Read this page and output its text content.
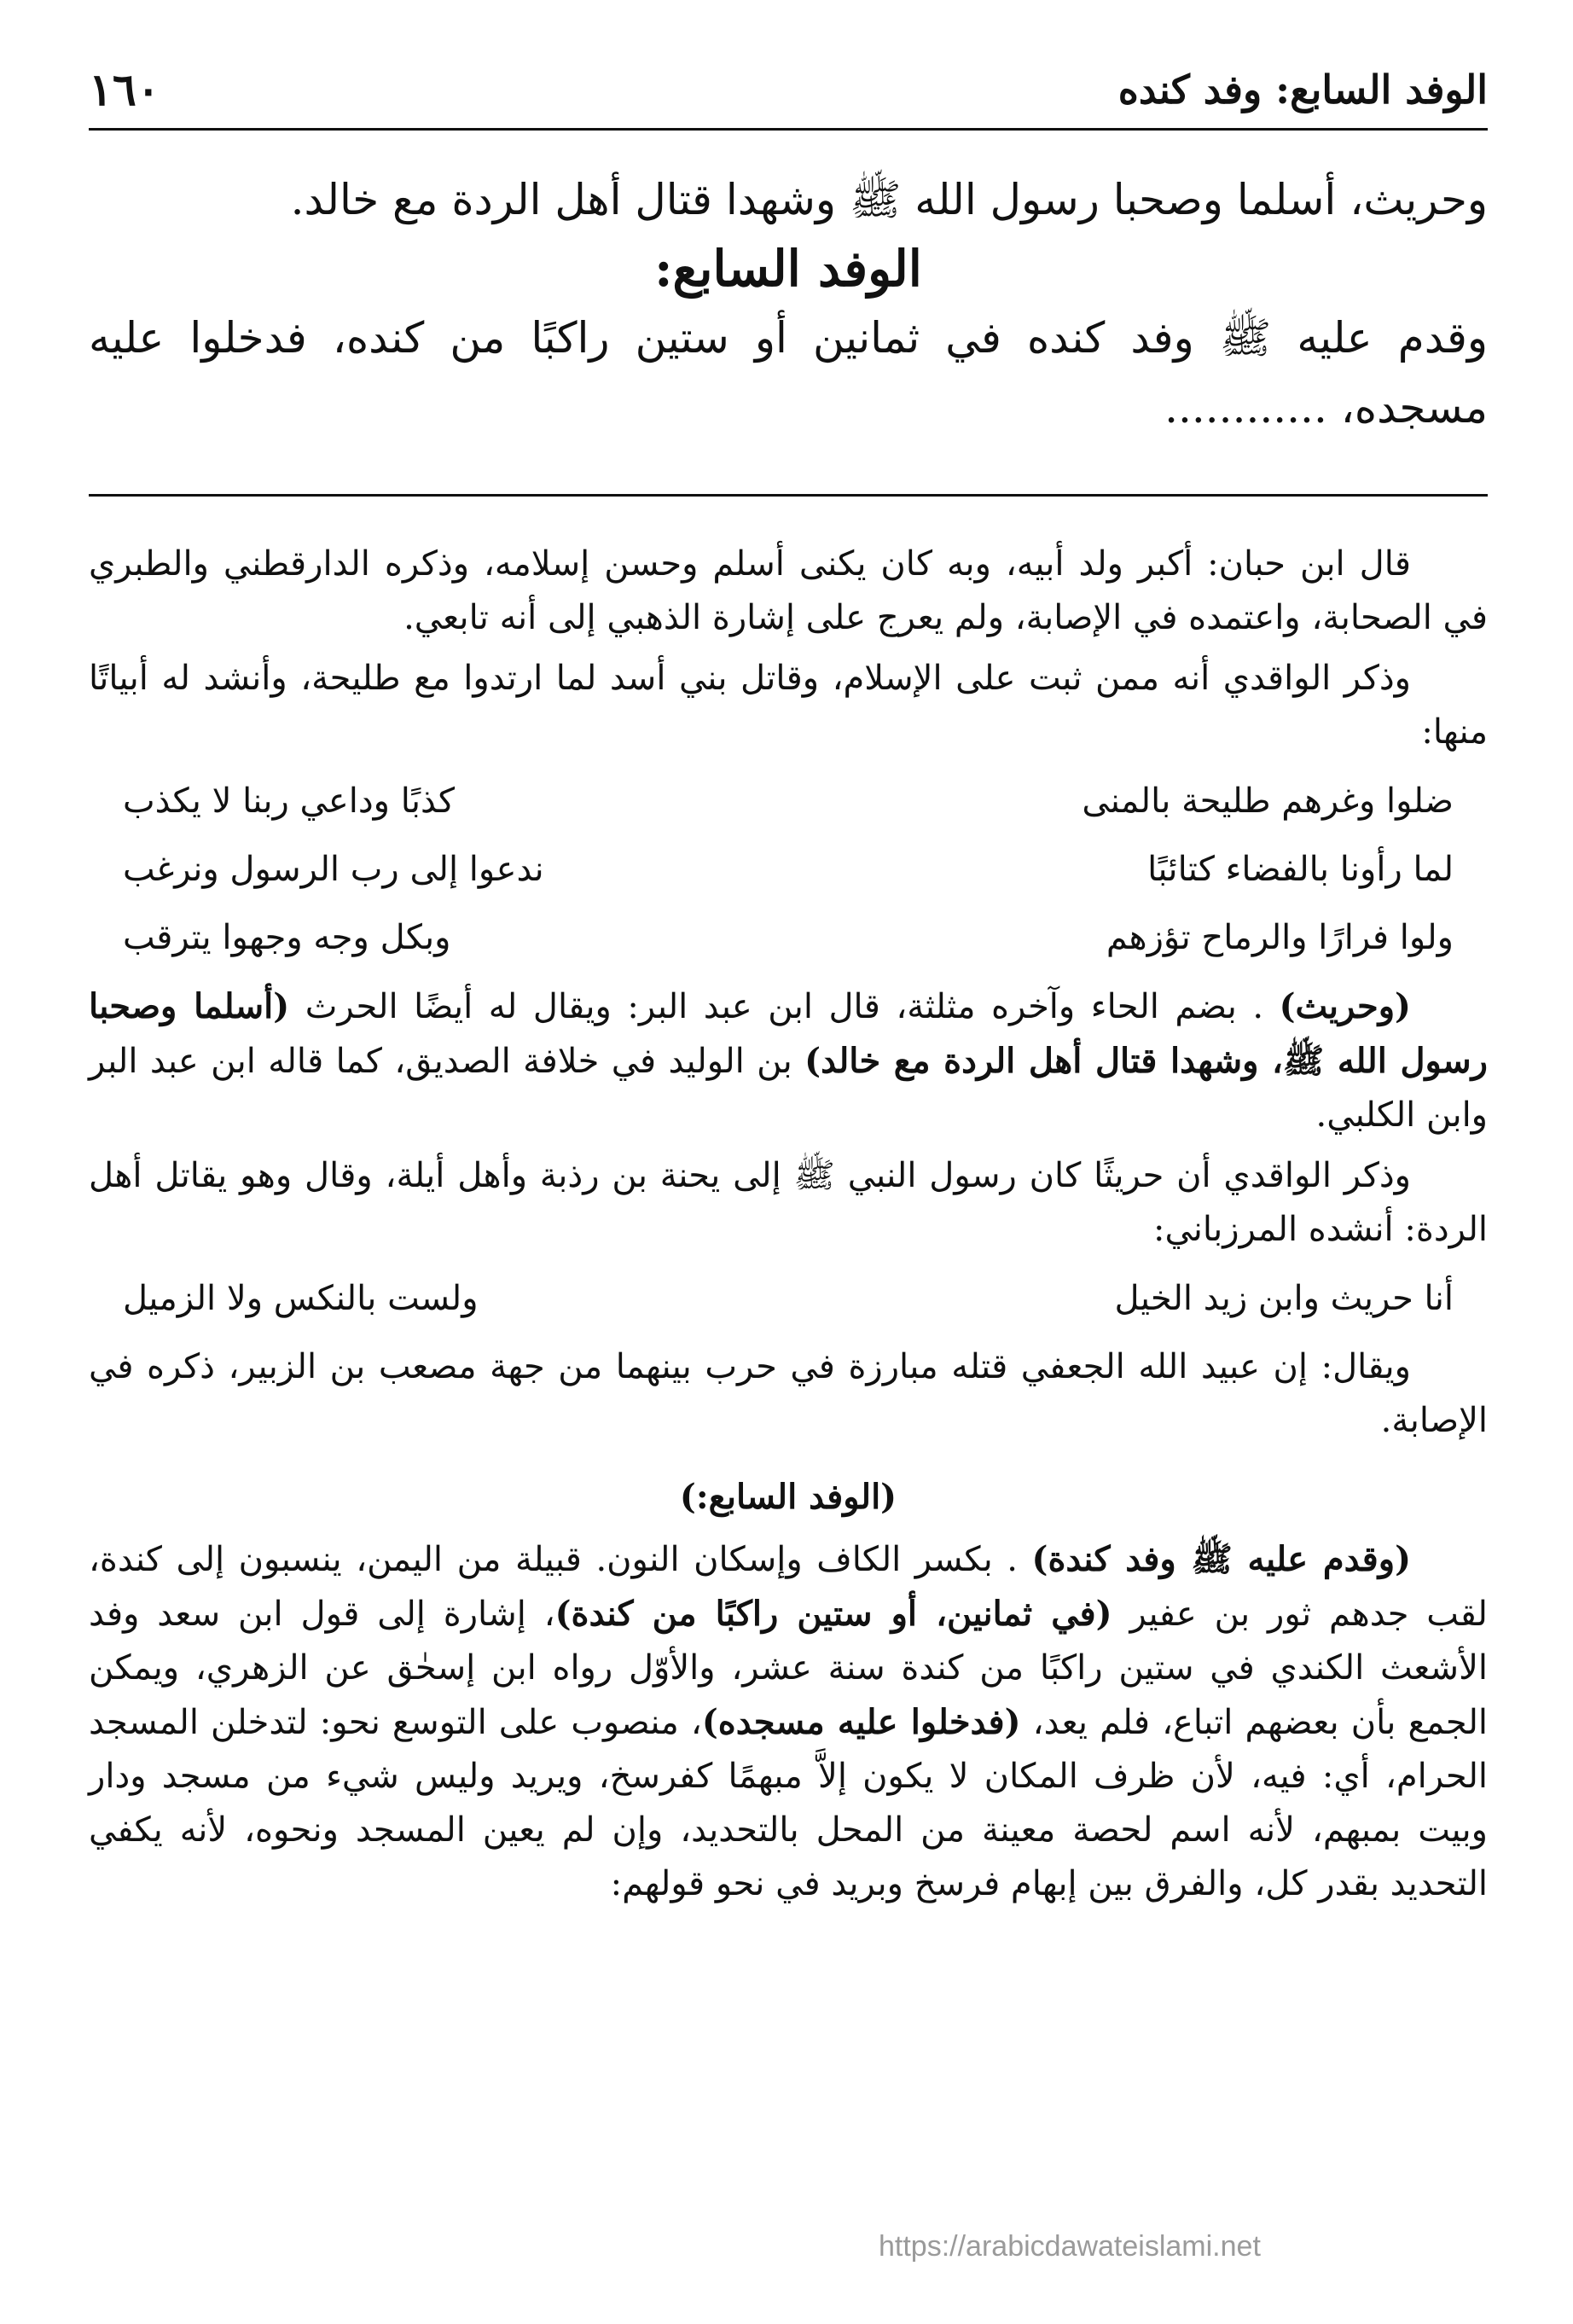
الوفد السابع: وفد كنده
١٦٠

وحريث، أسلما وصحبا رسول الله ﷺ وشهدا قتال أهل الردة مع خالد.

الوفد السابع:

وقدم عليه ﷺ وفد كنده في ثمانين أو ستين راكبًا من كنده، فدخلوا عليه مسجده، ............

قال ابن حبان: أكبر ولد أبيه، وبه كان يكنى أسلم وحسن إسلامه، وذكره الدارقطني والطبري في الصحابة، واعتمده في الإصابة، ولم يعرج على إشارة الذهبي إلى أنه تابعي.

وذكر الواقدي أنه ممن ثبت على الإسلام، وقاتل بني أسد لما ارتدوا مع طليحة، وأنشد له أبياتًا منها:

ضلوا وغرهم طليحة بالمنى
كذبًا وداعي ربنا لا يكذب
لما رأونا بالفضاء كتائبًا
ندعوا إلى رب الرسول ونرغب
ولوا فرارًا والرماح تؤزهم
وبكل وجه وجهوا يترقب

(وحريث) . بضم الحاء وآخره مثلثة، قال ابن عبد البر: ويقال له أيضًا الحرث (أسلما وصحبا رسول الله ﷺ، وشهدا قتال أهل الردة مع خالد) بن الوليد في خلافة الصديق، كما قاله ابن عبد البر وابن الكلبي.

وذكر الواقدي أن حريثًا كان رسول النبي ﷺ إلى يحنة بن رذبة وأهل أيلة، وقال وهو يقاتل أهل الردة: أنشده المرزباني:

أنا حريث وابن زيد الخيل
ولست بالنكس ولا الزميل

ويقال: إن عبيد الله الجعفي قتله مبارزة في حرب بينهما من جهة مصعب بن الزبير، ذكره في الإصابة.

(الوفد السابع:)

(وقدم عليه ﷺ وفد كندة) . بكسر الكاف وإسكان النون. قبيلة من اليمن، ينسبون إلى كندة، لقب جدهم ثور بن عفير (في ثمانين، أو ستين راكبًا من كندة)، إشارة إلى قول ابن سعد وفد الأشعث الكندي في ستين راكبًا من كندة سنة عشر، والأوّل رواه ابن إسحٰق عن الزهري، ويمكن الجمع بأن بعضهم اتباع، فلم يعد، (فدخلوا عليه مسجده)، منصوب على التوسع نحو: لتدخلن المسجد الحرام، أي: فيه، لأن ظرف المكان لا يكون إلاَّ مبهمًا كفرسخ، ويريد وليس شيء من مسجد ودار وبيت بمبهم، لأنه اسم لحصة معينة من المحل بالتحديد، وإن لم يعين المسجد ونحوه، لأنه يكفي التحديد بقدر كل، والفرق بين إبهام فرسخ وبريد في نحو قولهم:

https://arabicdawateislami.net
